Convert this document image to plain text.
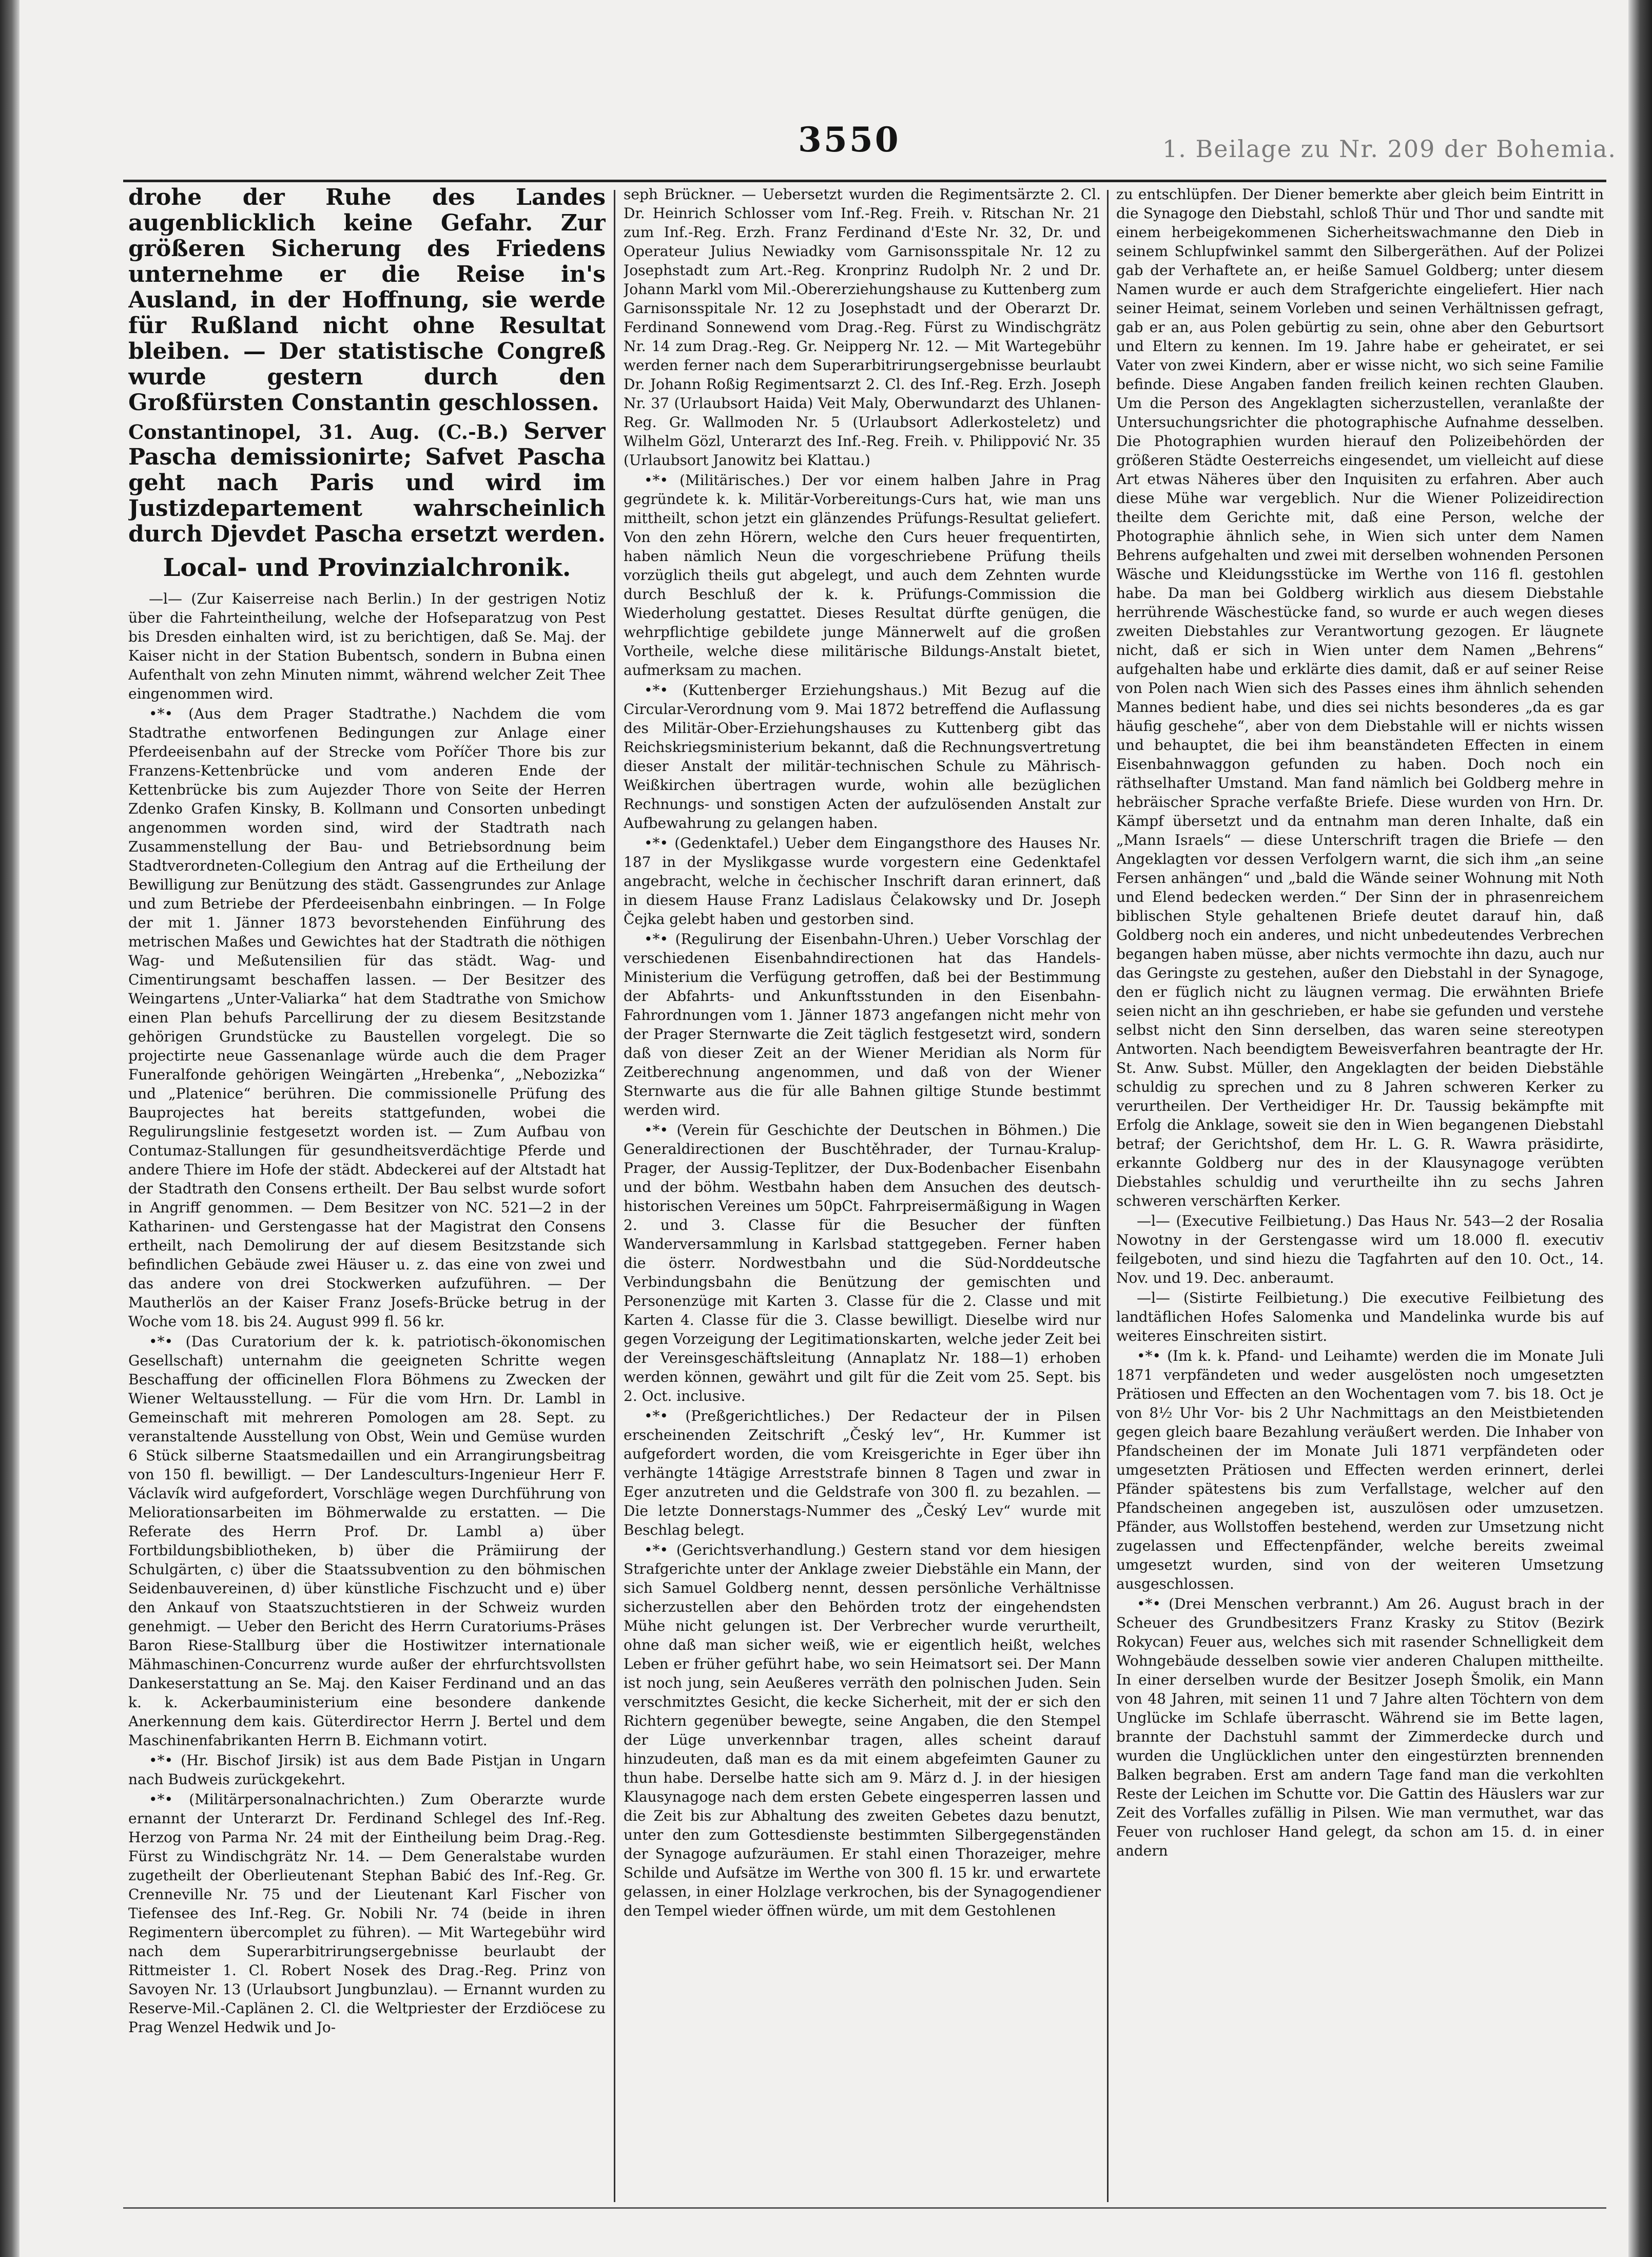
3550	1. Beilage zu Nr. 209 der Bohemia.

drohe der Ruhe des Landes augenblicklich keine Gefahr. Zur größeren Sicherung des Friedens unternehme er die Reise in's Ausland, in der Hoffnung, sie werde für Rußland nicht ohne Resultat bleiben. — Der statistische Congreß wurde gestern durch den Großfürsten Constantin geschlossen.

Constantinopel, 31. Aug. (C.-B.) Server Pascha demissionirte; Safvet Pascha geht nach Paris und wird im Justizdepartement wahrscheinlich durch Djevdet Pascha ersetzt werden.

Local- und Provinzialchronik.

—l— (Zur Kaiserreise nach Berlin.) In der gestrigen Notiz über die Fahrteintheilung, welche der Hofseparatzug von Pest bis Dresden einhalten wird, ist zu berichtigen, daß Se. Maj. der Kaiser nicht in der Station Bubentsch, sondern in Bubna einen Aufenthalt von zehn Minuten nimmt, während welcher Zeit Thee eingenommen wird.

•*• (Aus dem Prager Stadtrathe.) Nachdem die vom Stadtrathe entworfenen Bedingungen zur Anlage einer Pferdeeisenbahn auf der Strecke vom Poříčer Thore bis zur Franzens-Kettenbrücke und vom anderen Ende der Kettenbrücke bis zum Aujezder Thore von Seite der Herren Zdenko Grafen Kinsky, B. Kollmann und Consorten unbedingt angenommen worden sind, wird der Stadtrath nach Zusammenstellung der Bau- und Betriebsordnung beim Stadtverordneten-Collegium den Antrag auf die Ertheilung der Bewilligung zur Benützung des städt. Gassengrundes zur Anlage und zum Betriebe der Pferdeeisenbahn einbringen. — In Folge der mit 1. Jänner 1873 bevorstehenden Einführung des metrischen Maßes und Gewichtes hat der Stadtrath die nöthigen Wag- und Meßutensilien für das städt. Wag- und Cimentirungsamt beschaffen lassen. — Der Besitzer des Weingartens „Unter-Valiarka“ hat dem Stadtrathe von Smichow einen Plan behufs Parcellirung der zu diesem Besitzstande gehörigen Grundstücke zu Baustellen vorgelegt. Die so projectirte neue Gassenanlage würde auch die dem Prager Funeralfonde gehörigen Weingärten „Hrebenka“, „Nebozizka“ und „Platenice“ berühren. Die commissionelle Prüfung des Bauprojectes hat bereits stattgefunden, wobei die Regulirungslinie festgesetzt worden ist. — Zum Aufbau von Contumaz-Stallungen für gesundheitsverdächtige Pferde und andere Thiere im Hofe der städt. Abdeckerei auf der Altstadt hat der Stadtrath den Consens ertheilt. Der Bau selbst wurde sofort in Angriff genommen. — Dem Besitzer von NC. 521—2 in der Katharinen- und Gerstengasse hat der Magistrat den Consens ertheilt, nach Demolirung der auf diesem Besitzstande sich befindlichen Gebäude zwei Häuser u. z. das eine von zwei und das andere von drei Stockwerken aufzuführen. — Der Mautherlös an der Kaiser Franz Josefs-Brücke betrug in der Woche vom 18. bis 24. August 999 fl. 56 kr.

•*• (Das Curatorium der k. k. patriotisch-ökonomischen Gesellschaft) unternahm die geeigneten Schritte wegen Beschaffung der officinellen Flora Böhmens zu Zwecken der Wiener Weltausstellung. — Für die vom Hrn. Dr. Lambl in Gemeinschaft mit mehreren Pomologen am 28. Sept. zu veranstaltende Ausstellung von Obst, Wein und Gemüse wurden 6 Stück silberne Staatsmedaillen und ein Arrangirungsbeitrag von 150 fl. bewilligt. — Der Landesculturs-Ingenieur Herr F. Václavík wird aufgefordert, Vorschläge wegen Durchführung von Meliorationsarbeiten im Böhmerwalde zu erstatten. — Die Referate des Herrn Prof. Dr. Lambl a) über Fortbildungsbibliotheken, b) über die Prämiirung der Schulgärten, c) über die Staatssubvention zu den böhmischen Seidenbauvereinen, d) über künstliche Fischzucht und e) über den Ankauf von Staatszuchtstieren in der Schweiz wurden genehmigt. — Ueber den Bericht des Herrn Curatoriums-Präses Baron Riese-Stallburg über die Hostiwitzer internationale Mähmaschinen-Concurrenz wurde außer der ehrfurchtsvollsten Dankeserstattung an Se. Maj. den Kaiser Ferdinand und an das k. k. Ackerbauministerium eine besondere dankende Anerkennung dem kais. Güterdirector Herrn J. Bertel und dem Maschinenfabrikanten Herrn B. Eichmann votirt.

•*• (Hr. Bischof Jirsik) ist aus dem Bade Pistjan in Ungarn nach Budweis zurückgekehrt.

•*• (Militärpersonalnachrichten.) Zum Oberarzte wurde ernannt der Unterarzt Dr. Ferdinand Schlegel des Inf.-Reg. Herzog von Parma Nr. 24 mit der Eintheilung beim Drag.-Reg. Fürst zu Windischgrätz Nr. 14. — Dem Generalstabe wurden zugetheilt der Oberlieutenant Stephan Babić des Inf.-Reg. Gr. Crenneville Nr. 75 und der Lieutenant Karl Fischer von Tiefensee des Inf.-Reg. Gr. Nobili Nr. 74 (beide in ihren Regimentern übercomplet zu führen). — Mit Wartegebühr wird nach dem Superarbitrirungsergebnisse beurlaubt der Rittmeister 1. Cl. Robert Nosek des Drag.-Reg. Prinz von Savoyen Nr. 13 (Urlaubsort Jungbunzlau). — Ernannt wurden zu Reserve-Mil.-Caplänen 2. Cl. die Weltpriester der Erzdiöcese zu Prag Wenzel Hedwik und Jo-

seph Brückner. — Uebersetzt wurden die Regimentsärzte 2. Cl. Dr. Heinrich Schlosser vom Inf.-Reg. Freih. v. Ritschan Nr. 21 zum Inf.-Reg. Erzh. Franz Ferdinand d'Este Nr. 32, Dr. und Operateur Julius Newiadky vom Garnisonsspitale Nr. 12 zu Josephstadt zum Art.-Reg. Kronprinz Rudolph Nr. 2 und Dr. Johann Markl vom Mil.-Obererziehungshause zu Kuttenberg zum Garnisonsspitale Nr. 12 zu Josephstadt und der Oberarzt Dr. Ferdinand Sonnewend vom Drag.-Reg. Fürst zu Windischgrätz Nr. 14 zum Drag.-Reg. Gr. Neipperg Nr. 12. — Mit Wartegebühr werden ferner nach dem Superarbitrirungsergebnisse beurlaubt Dr. Johann Roßig Regimentsarzt 2. Cl. des Inf.-Reg. Erzh. Joseph Nr. 37 (Urlaubsort Haida) Veit Maly, Oberwundarzt des Uhlanen-Reg. Gr. Wallmoden Nr. 5 (Urlaubsort Adlerkosteletz) und Wilhelm Gözl, Unterarzt des Inf.-Reg. Freih. v. Philippović Nr. 35 (Urlaubsort Janowitz bei Klattau.)

•*• (Militärisches.) Der vor einem halben Jahre in Prag gegründete k. k. Militär-Vorbereitungs-Curs hat, wie man uns mittheilt, schon jetzt ein glänzendes Prüfungs-Resultat geliefert. Von den zehn Hörern, welche den Curs heuer frequentirten, haben nämlich Neun die vorgeschriebene Prüfung theils vorzüglich theils gut abgelegt, und auch dem Zehnten wurde durch Beschluß der k. k. Prüfungs-Commission die Wiederholung gestattet. Dieses Resultat dürfte genügen, die wehrpflichtige gebildete junge Männerwelt auf die großen Vortheile, welche diese militärische Bildungs-Anstalt bietet, aufmerksam zu machen.

•*• (Kuttenberger Erziehungshaus.) Mit Bezug auf die Circular-Verordnung vom 9. Mai 1872 betreffend die Auflassung des Militär-Ober-Erziehungshauses zu Kuttenberg gibt das Reichskriegsministerium bekannt, daß die Rechnungsvertretung dieser Anstalt der militär-technischen Schule zu Mährisch-Weißkirchen übertragen wurde, wohin alle bezüglichen Rechnungs- und sonstigen Acten der aufzulösenden Anstalt zur Aufbewahrung zu gelangen haben.

•*• (Gedenktafel.) Ueber dem Eingangsthore des Hauses Nr. 187 in der Myslikgasse wurde vorgestern eine Gedenktafel angebracht, welche in čechischer Inschrift daran erinnert, daß in diesem Hause Franz Ladislaus Čelakowsky und Dr. Joseph Čejka gelebt haben und gestorben sind.

•*• (Regulirung der Eisenbahn-Uhren.) Ueber Vorschlag der verschiedenen Eisenbahndirectionen hat das Handels-Ministerium die Verfügung getroffen, daß bei der Bestimmung der Abfahrts- und Ankunftsstunden in den Eisenbahn-Fahrordnungen vom 1. Jänner 1873 angefangen nicht mehr von der Prager Sternwarte die Zeit täglich festgesetzt wird, sondern daß von dieser Zeit an der Wiener Meridian als Norm für Zeitberechnung angenommen, und daß von der Wiener Sternwarte aus die für alle Bahnen giltige Stunde bestimmt werden wird.

•*• (Verein für Geschichte der Deutschen in Böhmen.) Die Generaldirectionen der Buschtěhrader, der Turnau-Kralup-Prager, der Aussig-Teplitzer, der Dux-Bodenbacher Eisenbahn und der böhm. Westbahn haben dem Ansuchen des deutsch-historischen Vereines um 50pCt. Fahrpreisermäßigung in Wagen 2. und 3. Classe für die Besucher der fünften Wanderversammlung in Karlsbad stattgegeben. Ferner haben die österr. Nordwestbahn und die Süd-Norddeutsche Verbindungsbahn die Benützung der gemischten und Personenzüge mit Karten 3. Classe für die 2. Classe und mit Karten 4. Classe für die 3. Classe bewilligt. Dieselbe wird nur gegen Vorzeigung der Legitimationskarten, welche jeder Zeit bei der Vereinsgeschäftsleitung (Annaplatz Nr. 188—1) erhoben werden können, gewährt und gilt für die Zeit vom 25. Sept. bis 2. Oct. inclusive.

•*• (Preßgerichtliches.) Der Redacteur der in Pilsen erscheinenden Zeitschrift „Český lev“, Hr. Kummer ist aufgefordert worden, die vom Kreisgerichte in Eger über ihn verhängte 14tägige Arreststrafe binnen 8 Tagen und zwar in Eger anzutreten und die Geldstrafe von 300 fl. zu bezahlen. — Die letzte Donnerstags-Nummer des „Český Lev“ wurde mit Beschlag belegt.

•*• (Gerichtsverhandlung.) Gestern stand vor dem hiesigen Strafgerichte unter der Anklage zweier Diebstähle ein Mann, der sich Samuel Goldberg nennt, dessen persönliche Verhältnisse sicherzustellen aber den Behörden trotz der eingehendsten Mühe nicht gelungen ist. Der Verbrecher wurde verurtheilt, ohne daß man sicher weiß, wie er eigentlich heißt, welches Leben er früher geführt habe, wo sein Heimatsort sei. Der Mann ist noch jung, sein Aeußeres verräth den polnischen Juden. Sein verschmitztes Gesicht, die kecke Sicherheit, mit der er sich den Richtern gegenüber bewegte, seine Angaben, die den Stempel der Lüge unverkennbar tragen, alles scheint darauf hinzudeuten, daß man es da mit einem abgefeimten Gauner zu thun habe. Derselbe hatte sich am 9. März d. J. in der hiesigen Klausynagoge nach dem ersten Gebete eingesperren lassen und die Zeit bis zur Abhaltung des zweiten Gebetes dazu benutzt, unter den zum Gottesdienste bestimmten Silbergegenständen der Synagoge aufzuräumen. Er stahl einen Thorazeiger, mehre Schilde und Aufsätze im Werthe von 300 fl. 15 kr. und erwartete gelassen, in einer Holzlage verkrochen, bis der Synagogendiener den Tempel wieder öffnen würde, um mit dem Gestohlenen

zu entschlüpfen. Der Diener bemerkte aber gleich beim Eintritt in die Synagoge den Diebstahl, schloß Thür und Thor und sandte mit einem herbeigekommenen Sicherheitswachmanne den Dieb in seinem Schlupfwinkel sammt den Silbergeräthen. Auf der Polizei gab der Verhaftete an, er heiße Samuel Goldberg; unter diesem Namen wurde er auch dem Strafgerichte eingeliefert. Hier nach seiner Heimat, seinem Vorleben und seinen Verhältnissen gefragt, gab er an, aus Polen gebürtig zu sein, ohne aber den Geburtsort und Eltern zu kennen. Im 19. Jahre habe er geheiratet, er sei Vater von zwei Kindern, aber er wisse nicht, wo sich seine Familie befinde. Diese Angaben fanden freilich keinen rechten Glauben. Um die Person des Angeklagten sicherzustellen, veranlaßte der Untersuchungsrichter die photographische Aufnahme desselben. Die Photographien wurden hierauf den Polizeibehörden der größeren Städte Oesterreichs eingesendet, um vielleicht auf diese Art etwas Näheres über den Inquisiten zu erfahren. Aber auch diese Mühe war vergeblich. Nur die Wiener Polizeidirection theilte dem Gerichte mit, daß eine Person, welche der Photographie ähnlich sehe, in Wien sich unter dem Namen Behrens aufgehalten und zwei mit derselben wohnenden Personen Wäsche und Kleidungsstücke im Werthe von 116 fl. gestohlen habe. Da man bei Goldberg wirklich aus diesem Diebstahle herrührende Wäschestücke fand, so wurde er auch wegen dieses zweiten Diebstahles zur Verantwortung gezogen. Er läugnete nicht, daß er sich in Wien unter dem Namen „Behrens“ aufgehalten habe und erklärte dies damit, daß er auf seiner Reise von Polen nach Wien sich des Passes eines ihm ähnlich sehenden Mannes bedient habe, und dies sei nichts besonderes „da es gar häufig geschehe“, aber von dem Diebstahle will er nichts wissen und behauptet, die bei ihm beanständeten Effecten in einem Eisenbahnwaggon gefunden zu haben. Doch noch ein räthselhafter Umstand. Man fand nämlich bei Goldberg mehre in hebräischer Sprache verfaßte Briefe. Diese wurden von Hrn. Dr. Kämpf übersetzt und da entnahm man deren Inhalte, daß ein „Mann Israels“ — diese Unterschrift tragen die Briefe — den Angeklagten vor dessen Verfolgern warnt, die sich ihm „an seine Fersen anhängen“ und „bald die Wände seiner Wohnung mit Noth und Elend bedecken werden.“ Der Sinn der in phrasenreichem biblischen Style gehaltenen Briefe deutet darauf hin, daß Goldberg noch ein anderes, und nicht unbedeutendes Verbrechen begangen haben müsse, aber nichts vermochte ihn dazu, auch nur das Geringste zu gestehen, außer den Diebstahl in der Synagoge, den er füglich nicht zu läugnen vermag. Die erwähnten Briefe seien nicht an ihn geschrieben, er habe sie gefunden und verstehe selbst nicht den Sinn derselben, das waren seine stereotypen Antworten. Nach beendigtem Beweisverfahren beantragte der Hr. St. Anw. Subst. Müller, den Angeklagten der beiden Diebstähle schuldig zu sprechen und zu 8 Jahren schweren Kerker zu verurtheilen. Der Vertheidiger Hr. Dr. Taussig bekämpfte mit Erfolg die Anklage, soweit sie den in Wien begangenen Diebstahl betraf; der Gerichtshof, dem Hr. L. G. R. Wawra präsidirte, erkannte Goldberg nur des in der Klausynagoge verübten Diebstahles schuldig und verurtheilte ihn zu sechs Jahren schweren verschärften Kerker.

—l— (Executive Feilbietung.) Das Haus Nr. 543—2 der Rosalia Nowotny in der Gerstengasse wird um 18.000 fl. executiv feilgeboten, und sind hiezu die Tagfahrten auf den 10. Oct., 14. Nov. und 19. Dec. anberaumt.

—l— (Sistirte Feilbietung.) Die executive Feilbietung des landtäflichen Hofes Salomenka und Mandelinka wurde bis auf weiteres Einschreiten sistirt.

•*• (Im k. k. Pfand- und Leihamte) werden die im Monate Juli 1871 verpfändeten und weder ausgelösten noch umgesetzten Prätiosen und Effecten an den Wochentagen vom 7. bis 18. Oct je von 8½ Uhr Vor- bis 2 Uhr Nachmittags an den Meistbietenden gegen gleich baare Bezahlung veräußert werden. Die Inhaber von Pfandscheinen der im Monate Juli 1871 verpfändeten oder umgesetzten Prätiosen und Effecten werden erinnert, derlei Pfänder spätestens bis zum Verfallstage, welcher auf den Pfandscheinen angegeben ist, auszulösen oder umzusetzen. Pfänder, aus Wollstoffen bestehend, werden zur Umsetzung nicht zugelassen und Effectenpfänder, welche bereits zweimal umgesetzt wurden, sind von der weiteren Umsetzung ausgeschlossen.

•*• (Drei Menschen verbrannt.) Am 26. August brach in der Scheuer des Grundbesitzers Franz Krasky zu Stitov (Bezirk Rokycan) Feuer aus, welches sich mit rasender Schnelligkeit dem Wohngebäude desselben sowie vier anderen Chalupen mittheilte. In einer derselben wurde der Besitzer Joseph Šmolik, ein Mann von 48 Jahren, mit seinen 11 und 7 Jahre alten Töchtern von dem Unglücke im Schlafe überrascht. Während sie im Bette lagen, brannte der Dachstuhl sammt der Zimmerdecke durch und wurden die Unglücklichen unter den eingestürzten brennenden Balken begraben. Erst am andern Tage fand man die verkohlten Reste der Leichen im Schutte vor. Die Gattin des Häuslers war zur Zeit des Vorfalles zufällig in Pilsen. Wie man vermuthet, war das Feuer von ruchloser Hand gelegt, da schon am 15. d. in einer andern
